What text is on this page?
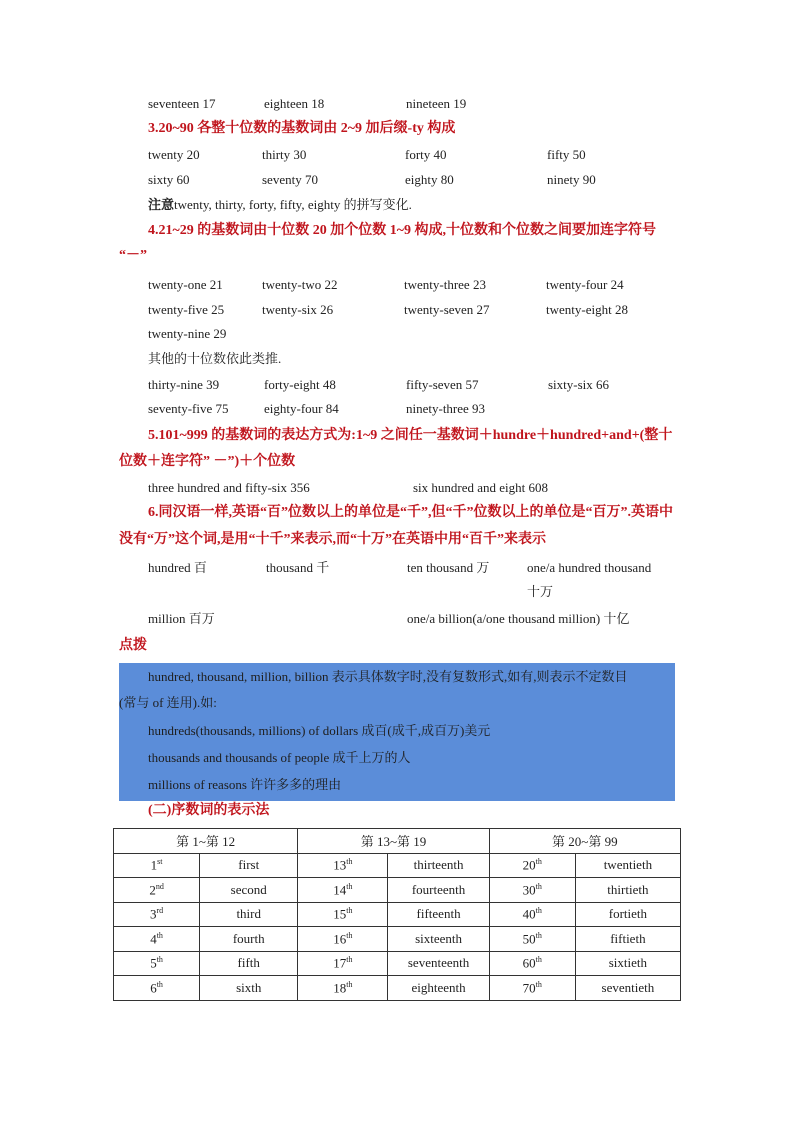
seventeen 17	eighteen 18	nineteen 19
3.20~90 各整十位数的基数词由 2~9 加后缀-ty 构成
twenty 20	thirty 30	forty 40	fifty 50
sixty 60	seventy 70	eighty 80	ninety 90
注意twenty, thirty, forty, fifty, eighty 的拼写变化.
4.21~29 的基数词由十位数 20 加个位数 1~9 构成,十位数和个位数之间要加连字符号
“－”
twenty-one 21	twenty-two 22	twenty-three 23	twenty-four 24
twenty-five 25	twenty-six 26	twenty-seven 27	twenty-eight 28
twenty-nine 29
其他的十位数依此类推.
thirty-nine 39	forty-eight 48	fifty-seven 57	sixty-six 66
seventy-five 75	eighty-four 84	ninety-three 93
5.101~999 的基数词的表达方式为:1~9 之间任一基数词＋hundre＋hundred+and+(整十
位数＋连字符” －”)＋个位数
three hundred and fifty-six 356	six hundred and eight 608
6.同汉语一样,英语“百”位数以上的单位是“千”,但“千”位数以上的单位是“百万”.英语中
没有“万”这个词,是用“十千”来表示,而“十万”在英语中用“百千”来表示
hundred 百	thousand 千	ten thousand 万	one/a hundred thousand
十万
million 百万	one/a billion(a/one thousand million) 十亿
点拨
hundred, thousand, million, billion 表示具体数字时,没有复数形式,如有,则表示不定数目
(常与 of 连用).如:
hundreds(thousands, millions) of dollars 成百(成千,成百万)美元
thousands and thousands of people 成千上万的人
millions of reasons 许许多多的理由
(二)序数词的表示法
第 1~第 12		第 13~第 19		第 20~第 99	
1st	first	13th	thirteenth	20th	twentieth
2nd	second	14th	fourteenth	30th	thirtieth
3rd	third	15th	fifteenth	40th	fortieth
4th	fourth	16th	sixteenth	50th	fiftieth
5th	fifth	17th	seventeenth	60th	sixtieth
6th	sixth	18th	eighteenth	70th	seventieth
